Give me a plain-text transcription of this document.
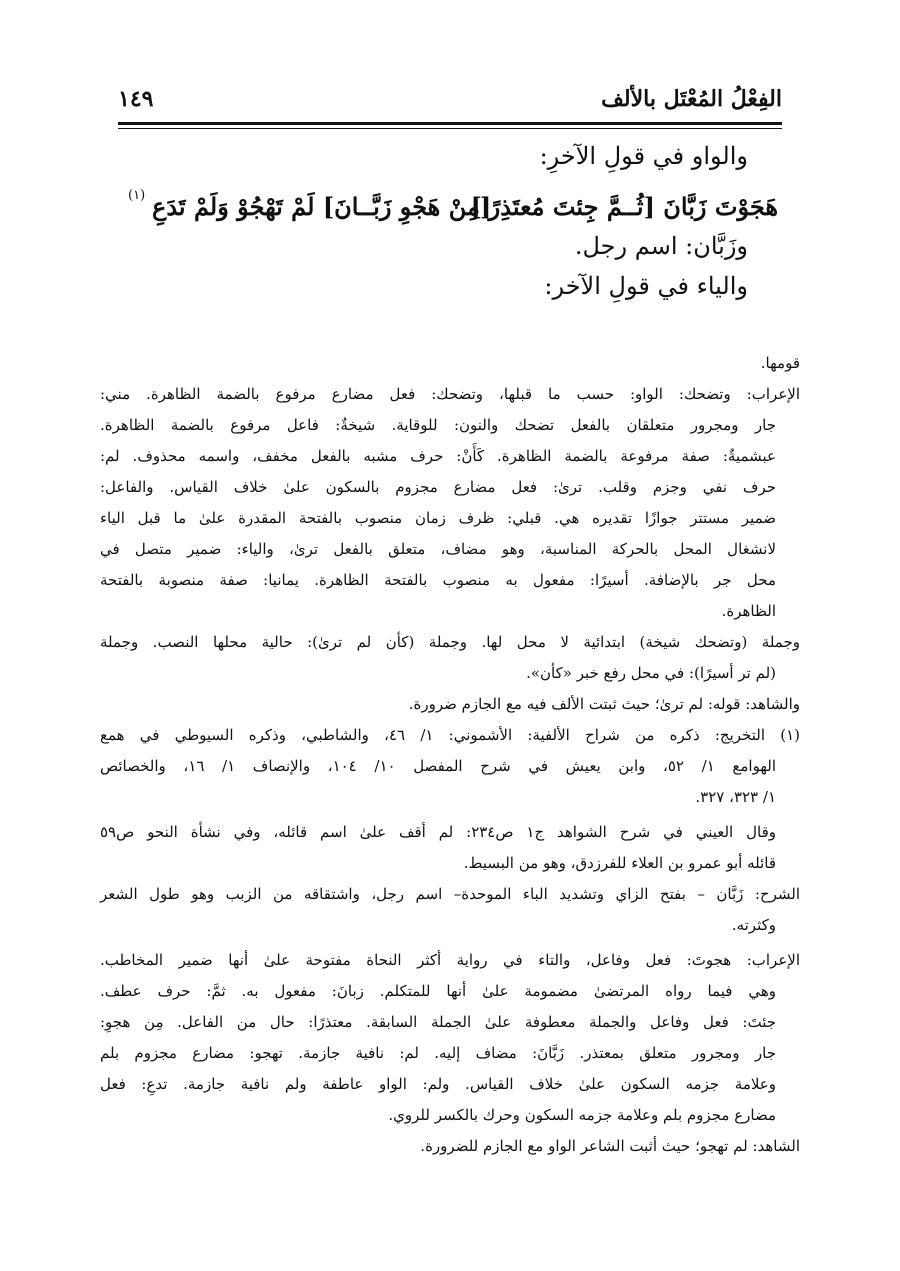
الفِعْلُ المُعْتَل بالألف
١٤٩
والواو في قولِ الآخرِ:
هَجَوْتَ زَبَّانَ [ثُــمَّ جِئتَ مُعتَذِرًا]
[مِنْ هَجْوِ زَبَّــانَ] لَمْ تَهْجُوْ وَلَمْ تَدَعِ
(١)
وزَبَّان: اسم رجل.
والياء في قولِ الآخر:
قومها.
الإعراب: وتضحك: الواو: حسب ما قبلها، وتضحك: فعل مضارع مرفوع بالضمة الظاهرة. مني:
جار ومجرور متعلقان بالفعل تضحك والنون: للوقاية. شيخةٌ: فاعل مرفوع بالضمة الظاهرة.
عبشميةٌ: صفة مرفوعة بالضمة الظاهرة. كَأَنْ: حرف مشبه بالفعل مخفف، واسمه محذوف. لم:
حرف نفي وجزم وقلب. ترىٰ: فعل مضارع مجزوم بالسكون علىٰ خلاف القياس. والفاعل:
ضمير مستتر جوازًا تقديره هي. قبلي: ظرف زمان منصوب بالفتحة المقدرة علىٰ ما قبل الياء
لانشغال المحل بالحركة المناسبة، وهو مضاف، متعلق بالفعل ترىٰ، والياء: ضمير متصل في
محل جر بالإضافة. أسيرًا: مفعول به منصوب بالفتحة الظاهرة. يمانيا: صفة منصوبة بالفتحة
الظاهرة.
وجملة (وتضحك شيخة) ابتدائية لا محل لها. وجملة (كأن لم ترىٰ): حالية محلها النصب. وجملة
(لم تر أسيرًا): في محل رفع خبر «كأن».
والشاهد: قوله: لم ترىٰ؛ حيث ثبتت الألف فيه مع الجازم ضرورة.
(١) التخريج: ذكره من شراح الألفية: الأشموني: ١/ ٤٦، والشاطبي، وذكره السيوطي في همع
الهوامع ١/ ٥٢، وابن يعيش في شرح المفصل ١٠/ ١٠٤، والإنصاف ١/ ١٦، والخصائص
١/ ٣٢٣، ٣٢٧.
وقال العيني في شرح الشواهد ج١ ص٢٣٤: لم أقف علىٰ اسم قائله، وفي نشأة النحو ص٥٩
قائله أبو عمرو بن العلاء للفرزدق، وهو من البسيط.
الشرح: زَبَّان – بفتح الزاي وتشديد الباء الموحدة– اسم رجل، واشتقاقه من الزبب وهو طول الشعر
وكثرته.
الإعراب: هجوتَ: فعل وفاعل، والتاء في رواية أكثر النحاة مفتوحة علىٰ أنها ضمير المخاطب.
وهي فيما رواه المرتضىٰ مضمومة علىٰ أنها للمتكلم. زبانَ: مفعول به. ثمَّ: حرف عطف.
جئتَ: فعل وفاعل والجملة معطوفة علىٰ الجملة السابقة. معتذرًا: حال من الفاعل. مِن هجوِ:
جار ومجرور متعلق بمعتذر. زَبَّانَ: مضاف إليه. لم: نافية جازمة. تهجو: مضارع مجزوم بلم
وعلامة جزمه السكون علىٰ خلاف القياس. ولم: الواو عاطفة ولم نافية جازمة. تدعِ: فعل
مضارع مجزوم بلم وعلامة جزمه السكون وحرك بالكسر للروي.
الشاهد: لم تهجو؛ حيث أثبت الشاعر الواو مع الجازم للضرورة.
